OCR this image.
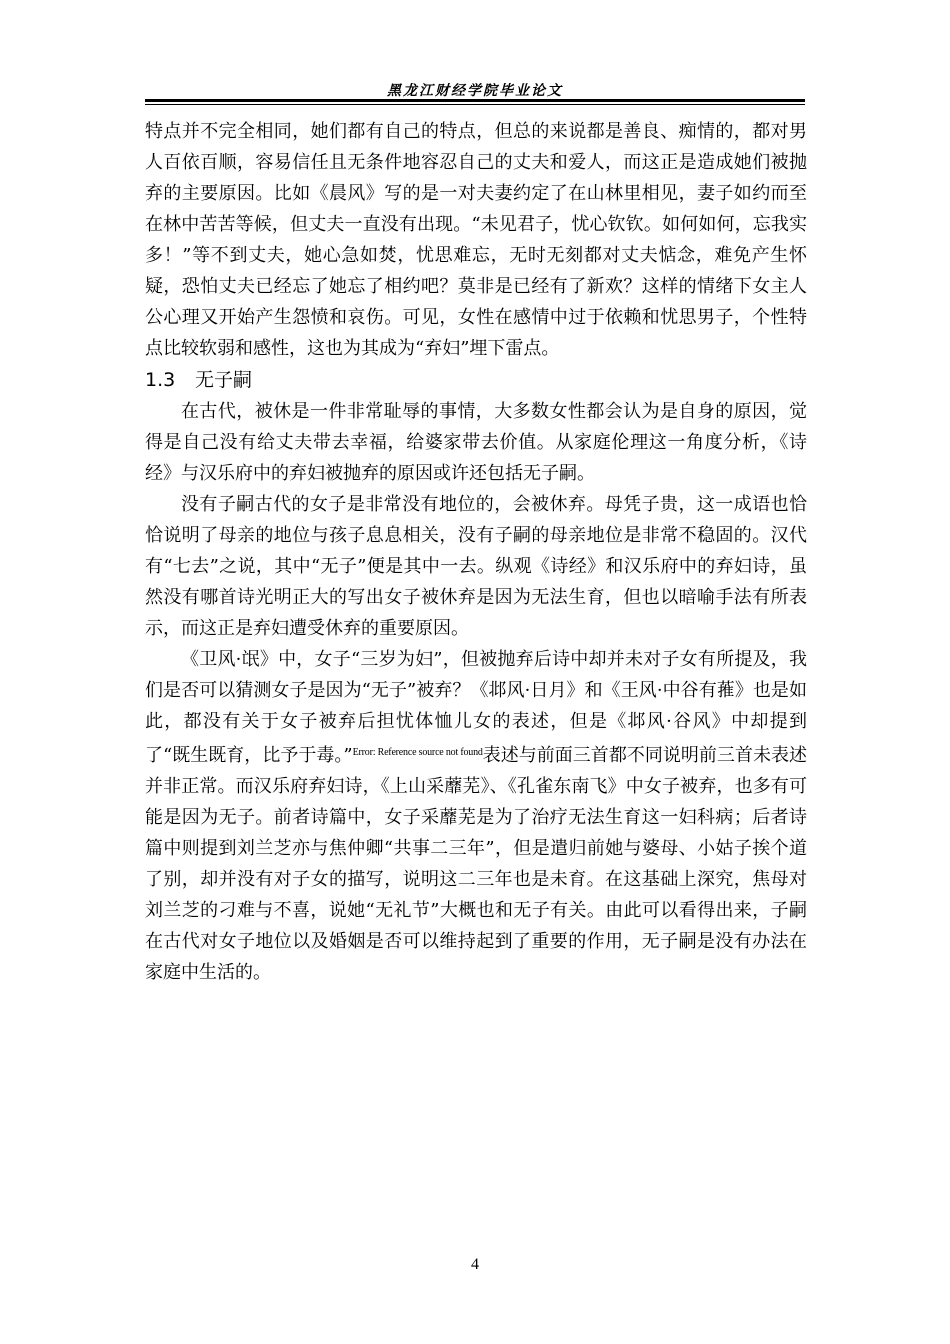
黑龙江财经学院毕业论文

特点并不完全相同，她们都有自己的特点，但总的来说都是善良、痴情的，都对男人百依百顺，容易信任且无条件地容忍自己的丈夫和爱人，而这正是造成她们被抛弃的主要原因。比如《晨风》写的是一对夫妻约定了在山林里相见，妻子如约而至在林中苦苦等候，但丈夫一直没有出现。“未见君子，忧心钦钦。如何如何，忘我实多！”等不到丈夫，她心急如焚，忧思难忘，无时无刻都对丈夫惦念，难免产生怀疑，恐怕丈夫已经忘了她忘了相约吧？莫非是已经有了新欢？这样的情绪下女主人公心理又开始产生怨愤和哀伤。可见，女性在感情中过于依赖和忧思男子，个性特点比较软弱和感性，这也为其成为“弃妇”埋下雷点。

1.3 无子嗣

在古代，被休是一件非常耻辱的事情，大多数女性都会认为是自身的原因，觉得是自己没有给丈夫带去幸福，给婆家带去价值。从家庭伦理这一角度分析，《诗经》与汉乐府中的弃妇被抛弃的原因或许还包括无子嗣。

没有子嗣古代的女子是非常没有地位的，会被休弃。母凭子贵，这一成语也恰恰说明了母亲的地位与孩子息息相关，没有子嗣的母亲地位是非常不稳固的。汉代有“七去”之说，其中“无子”便是其中一去。纵观《诗经》和汉乐府中的弃妇诗，虽然没有哪首诗光明正大的写出女子被休弃是因为无法生育，但也以暗喻手法有所表示，而这正是弃妇遭受休弃的重要原因。

《卫风·氓》中，女子“三岁为妇”，但被抛弃后诗中却并未对子女有所提及，我们是否可以猜测女子是因为“无子”被弃？《邶风·日月》和《王风·中谷有蓷》也是如此，都没有关于女子被弃后担忧体恤儿女的表述，但是《邶风·谷风》中却提到了“既生既育，比予于毒。”$^{Error: Reference source not found}$表述与前面三首都不同说明前三首未表述并非正常。而汉乐府弃妇诗，《上山采蘼芜》、《孔雀东南飞》中女子被弃，也多有可能是因为无子。前者诗篇中，女子采蘼芜是为了治疗无法生育这一妇科病；后者诗篇中则提到刘兰芝亦与焦仲卿“共事二三年”，但是遣归前她与婆母、小姑子挨个道了别，却并没有对子女的描写，说明这二三年也是未育。在这基础上深究，焦母对刘兰芝的刁难与不喜，说她“无礼节”大概也和无子有关。由此可以看得出来，子嗣在古代对女子地位以及婚姻是否可以维持起到了重要的作用，无子嗣是没有办法在家庭中生活的。

4
